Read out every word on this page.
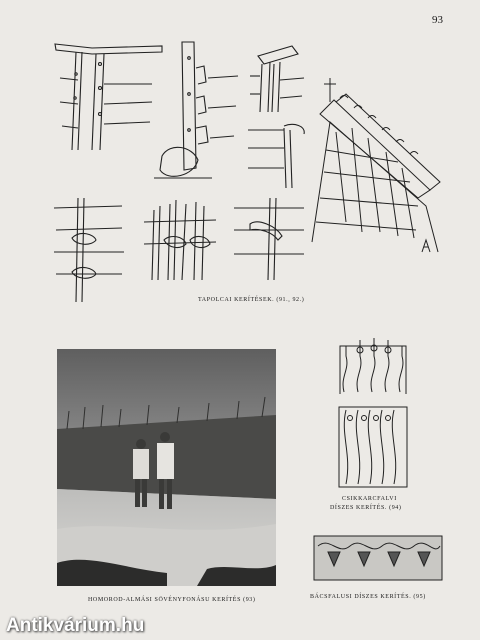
93
TAPOLCAI KERÍTÉSEK. (91., 92.)
HOMOROD-ALMÁSI SÖVÉNYFONÁSU KERÍTÉS (93)
CSIKKARCFALVI
DÍSZES KERÍTÉS. (94)
BÁCSFALUSI DÍSZES KERÍTÉS. (95)
Antikvárium.hu
